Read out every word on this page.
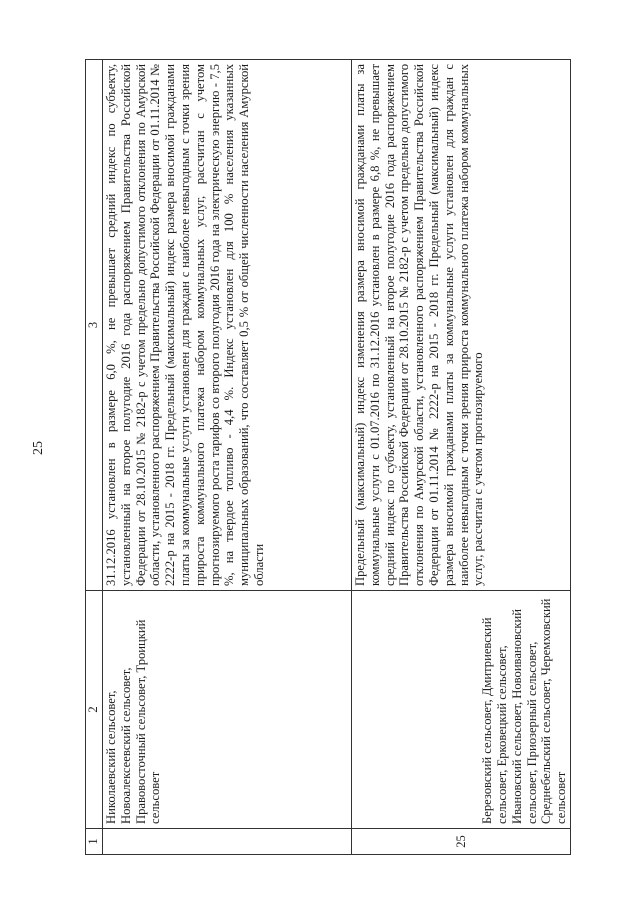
25
1	2	3
	Николаевский сельсовет, Новоалексеевский сельсовет, Правовосточный сельсовет, Троицкий сельсовет	31.12.2016 установлен в размере 6,0 %, не превышает средний индекс по субъекту, установленный на второе полугодие 2016 года распоряжением Правительства Российской Федерации от 28.10.2015 № 2182-р с учетом предельно допустимого отклонения по Амурской области, установленного распоряжением Правительства Российской Федерации от 01.11.2014 № 2222-р на 2015 - 2018 гг. Предельный (максимальный) индекс размера вносимой гражданами платы за коммунальные услуги установлен для граждан с наиболее невыгодным с точки зрения прироста коммунального платежа набором коммунальных услуг, рассчитан с учетом прогнозируемого роста тарифов со второго полугодия 2016 года на электрическую энергию - 7,5 %, на твердое топливо - 4,4 %. Индекс установлен для 100 % населения указанных муниципальных образований, что составляет 0,5 % от общей численности населения Амурской области
25	Березовский сельсовет, Дмитриевский сельсовет, Ерковецкий сельсовет, Ивановский сельсовет, Новоивановский сельсовет, Приозерный сельсовет, Среднебельский сельсовет, Черемховский сельсовет	Предельный (максимальный) индекс изменения размера вносимой гражданами платы за коммунальные услуги с 01.07.2016 по 31.12.2016 установлен в размере 6,8 %, не превышает средний индекс по субъекту, установленный на второе полугодие 2016 года распоряжением Правительства Российской Федерации от 28.10.2015 № 2182-р с учетом предельно допустимого отклонения по Амурской области, установленного распоряжением Правительства Российской Федерации от 01.11.2014 № 2222-р на 2015 - 2018 гг. Предельный (максимальный) индекс размера вносимой гражданами платы за коммунальные услуги установлен для граждан с наиболее невыгодным с точки зрения прироста коммунального платежа набором коммунальных услуг, рассчитан с учетом прогнозируемого
